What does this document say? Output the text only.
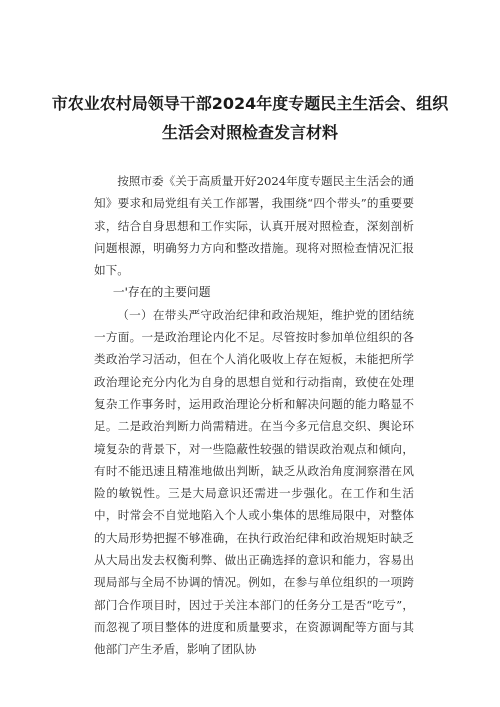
市农业农村局领导干部2024年度专题民主生活会、组织
生活会对照检查发言材料

按照市委《关于高质量开好2024年度专题民主生活会的通知》要求和局党组有关工作部署，我围绕“四个带头”的重要要求，结合自身思想和工作实际，认真开展对照检查，深刻剖析问题根源，明确努力方向和整改措施。现将对照检查情况汇报如下。

一'存在的主要问题

（一）在带头严守政治纪律和政治规矩，维护党的团结统一方面。一是政治理论内化不足。尽管按时参加单位组织的各类政治学习活动，但在个人消化吸收上存在短板，未能把所学政治理论充分内化为自身的思想自觉和行动指南，致使在处理复杂工作事务时，运用政治理论分析和解决问题的能力略显不足。二是政治判断力尚需精进。在当今多元信息交织、舆论环境复杂的背景下，对一些隐蔽性较强的错误政治观点和倾向，有时不能迅速且精准地做出判断，缺乏从政治角度洞察潜在风险的敏锐性。三是大局意识还需进一步强化。在工作和生活中，时常会不自觉地陷入个人或小集体的思维局限中，对整体的大局形势把握不够准确，在执行政治纪律和政治规矩时缺乏从大局出发去权衡利弊、做出正确选择的意识和能力，容易出现局部与全局不协调的情况。例如，在参与单位组织的一项跨部门合作项目时，因过于关注本部门的任务分工是否“吃亏”，而忽视了项目整体的进度和质量要求，在资源调配等方面与其他部门产生矛盾，影响了团队协
